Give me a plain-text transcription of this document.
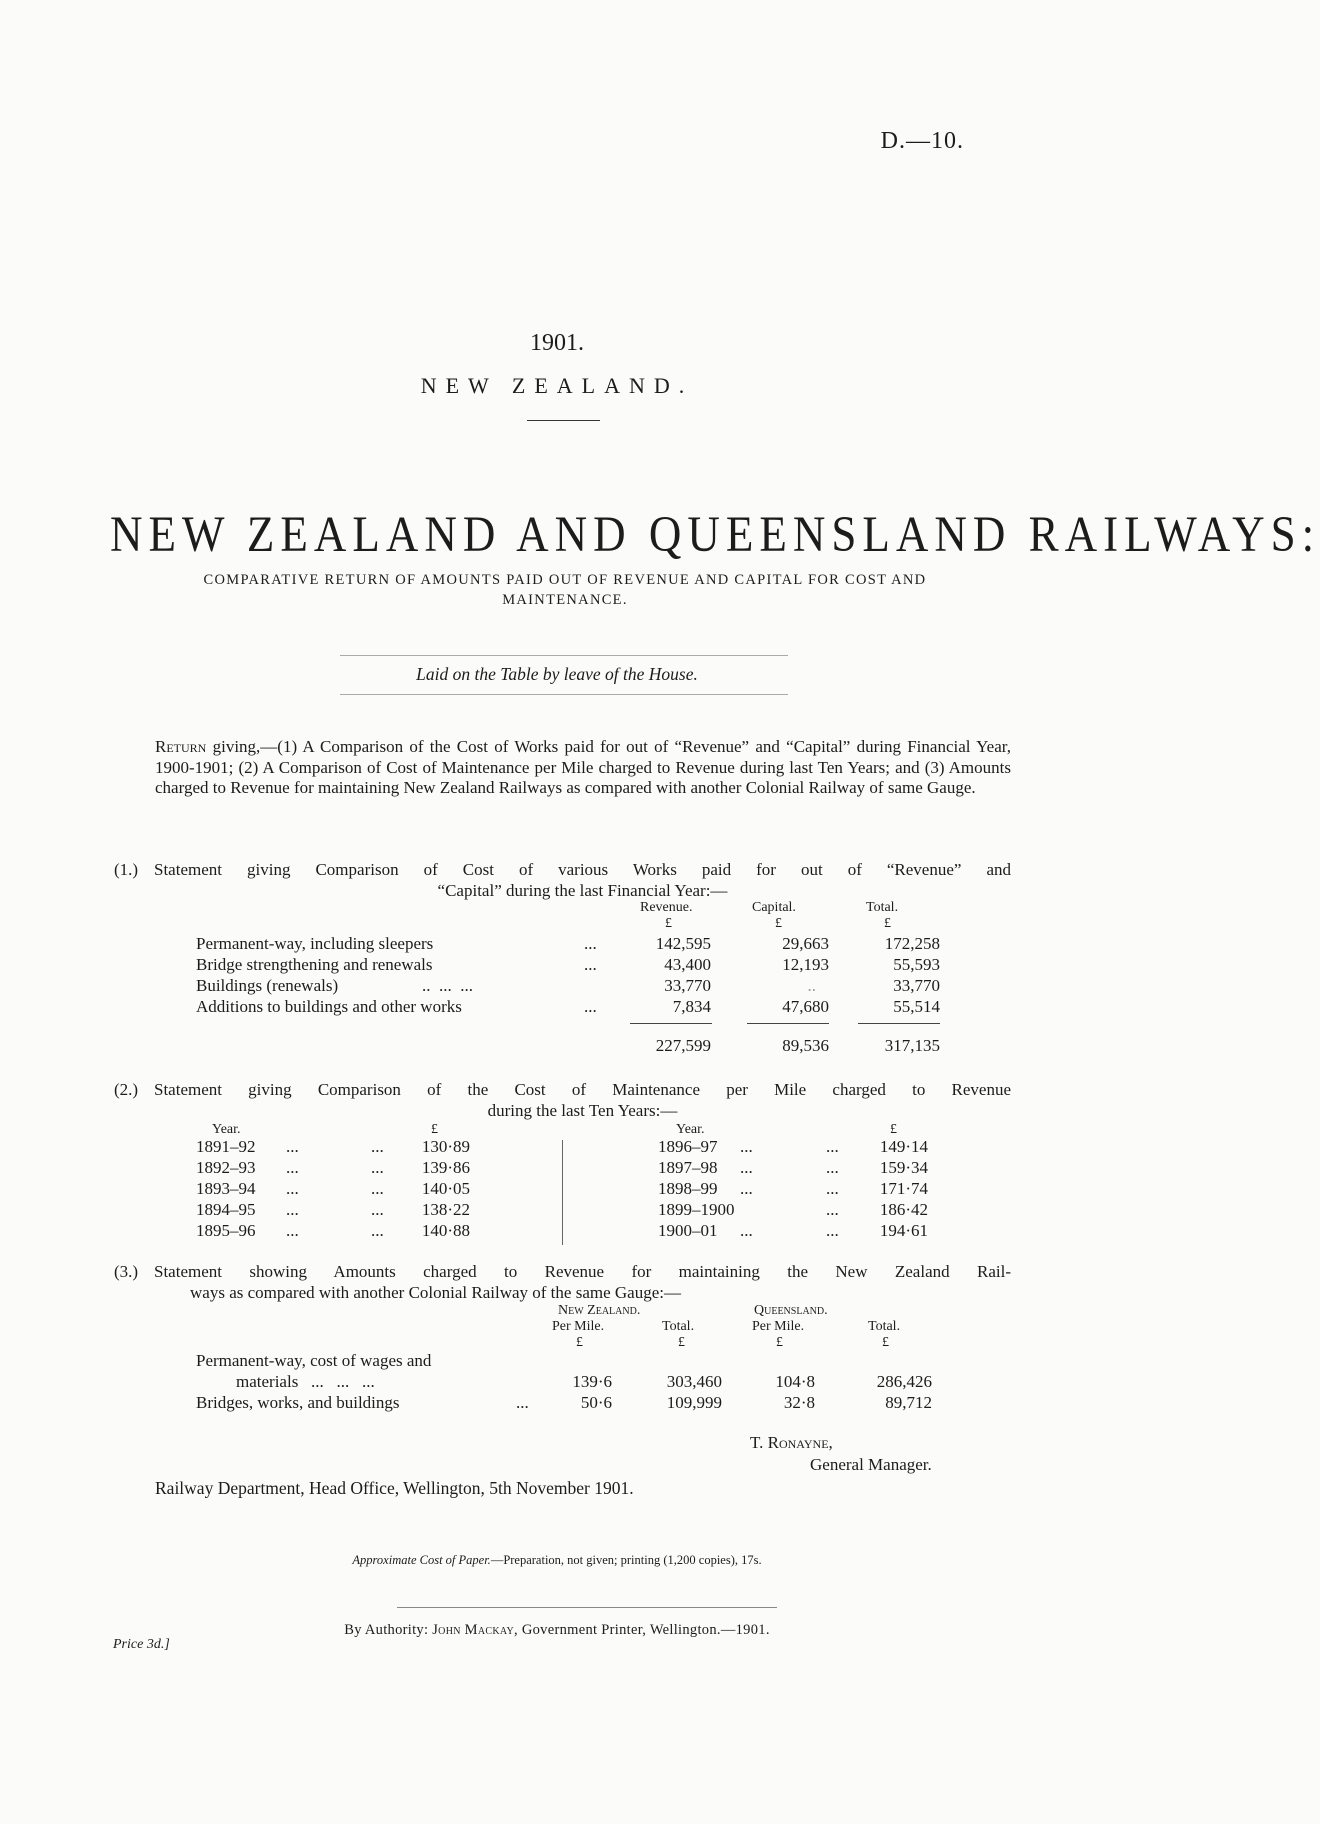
D.—10.
1901.
NEW ZEALAND.
NEW ZEALAND AND QUEENSLAND RAILWAYS:
COMPARATIVE RETURN OF AMOUNTS PAID OUT OF REVENUE AND CAPITAL FOR COST AND MAINTENANCE.
Laid on the Table by leave of the House.
Return giving,—(1) A Comparison of the Cost of Works paid for out of “Revenue” and “Capital” during Financial Year, 1900-1901; (2) A Comparison of Cost of Maintenance per Mile charged to Revenue during last Ten Years; and (3) Amounts charged to Revenue for maintaining New Zealand Railways as compared with another Colonial Railway of same Gauge.
(1.) Statement giving Comparison of Cost of various Works paid for out of “Revenue” and
“Capital” during the last Financial Year:—
Revenue.	Capital.	Total.
£	£	£
Permanent-way, including sleepers	...	142,595	29,663	172,258
Bridge strengthening and renewals	...	43,400	12,193	55,593
Buildings (renewals)	..  ...  ...	33,770	..	33,770
Additions to buildings and other works	...	7,834	47,680	55,514
227,599	89,536	317,135
(2.) Statement giving Comparison of the Cost of Maintenance per Mile charged to Revenue
during the last Ten Years:—
Year.	£	Year.	£
1891–92 ...	...	130·89
1892–93 ...	...	139·86
1893–94 ...	...	140·05
1894–95 ...	...	138·22
1895–96 ...	...	140·88
1896–97 ...	...	149·14
1897–98 ...	...	159·34
1898–99 ...	...	171·74
1899–1900	...	186·42
1900–01 ...	...	194·61
(3.) Statement showing Amounts charged to Revenue for maintaining the New Zealand Rail-
ways as compared with another Colonial Railway of the same Gauge:—
New Zealand.	Queensland.
Per Mile.	Total.	Per Mile.	Total.
£	£	£	£
Permanent-way, cost of wages and
materials   ...   ...   ...	139·6	303,460	104·8	286,426
Bridges, works, and buildings	...	50·6	109,999	32·8	89,712
T. Ronayne,
General Manager.
Railway Department, Head Office, Wellington, 5th November 1901.
Approximate Cost of Paper.—Preparation, not given; printing (1,200 copies), 17s.
Price 3d.]
By Authority: John Mackay, Government Printer, Wellington.—1901.
